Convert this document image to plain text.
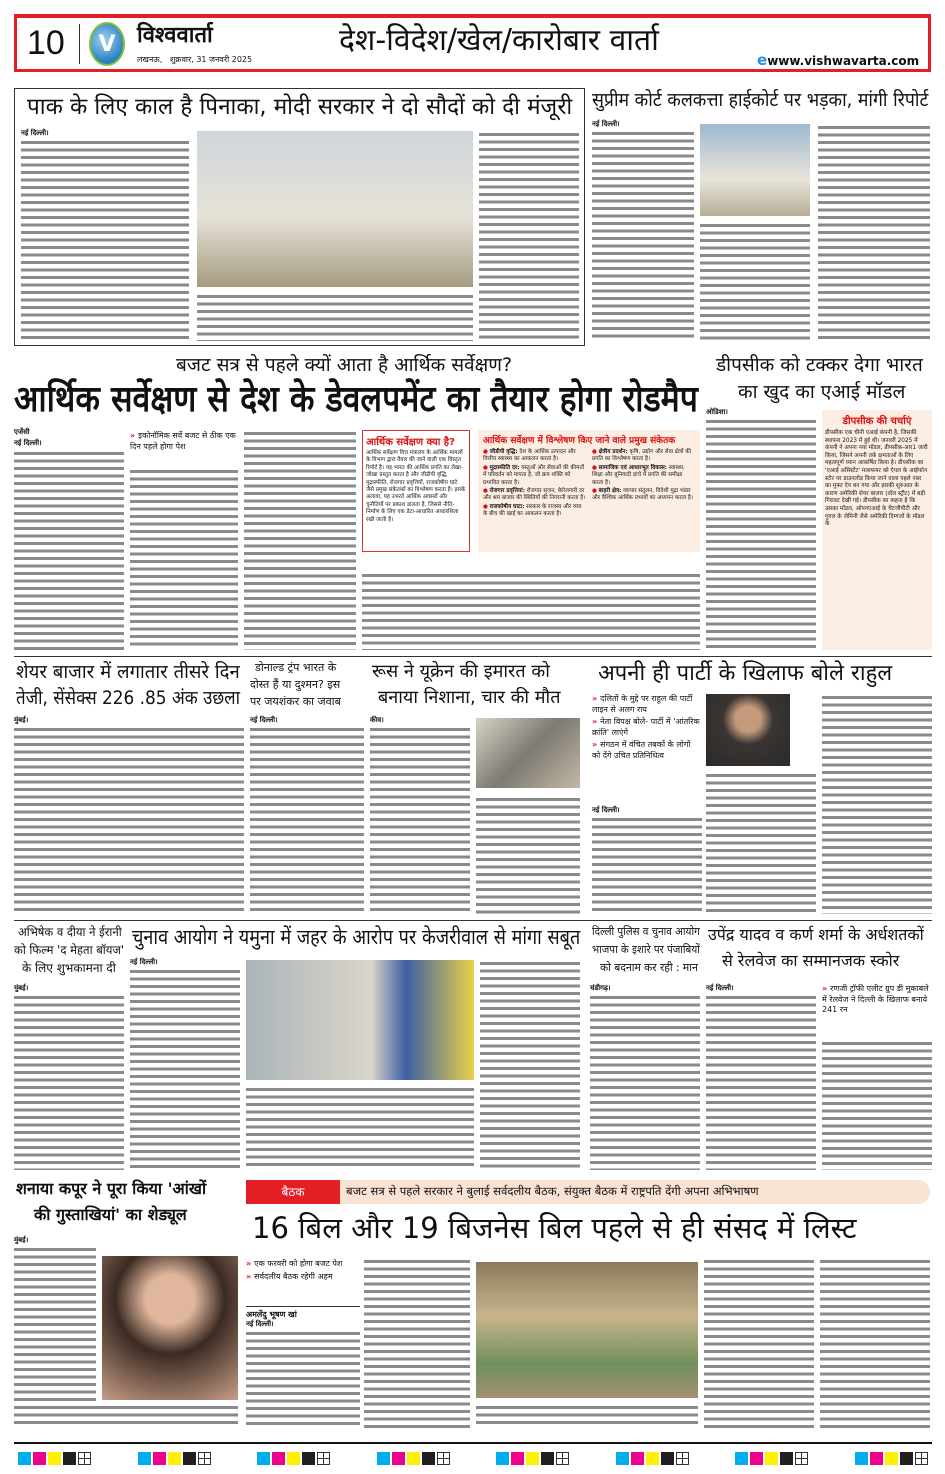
10	V विश्ववार्ता
लखनऊ,   शुक्रवार, 31 जनवरी 2025
देश-विदेश/खेल/कारोबार वार्ता
ewww.vishwavarta.com
पाक के लिए काल है पिनाका, मोदी सरकार ने दो सौदों को दी मंजूरी
नई दिल्ली।
सुप्रीम कोर्ट कलकत्ता हाईकोर्ट पर भड़का, मांगी रिपोर्ट
नई दिल्ली।
बजट सत्र से पहले क्यों आता है आर्थिक सर्वेक्षण?
आर्थिक सर्वेक्षण से देश के डेवलपमेंट का तैयार होगा रोडमैप
एजेंसी
नई दिल्ली।
» इकोनॉमिक सर्वे बजट से ठीक एक दिन पहले होगा पेश	आर्थिक सर्वेक्षण क्या है?
आर्थिक सर्वेक्षण वित्त मंत्रालय के आर्थिक मामलों के विभाग द्वारा तैयार की जाने वाली एक विस्तृत रिपोर्ट है। यह भारत की आर्थिक प्रगति का लेखा-जोखा प्रस्तुत करता है और जीडीपी वृद्धि, मुद्रास्फीति, रोजगार प्रवृत्तियों, राजकोषीय घाटे जैसे प्रमुख संकेतकों का विश्लेषण करता है। इसके अलावा, यह उभरते आर्थिक अवसरों और चुनौतियों पर प्रकाश डालता है, जिससे नीति-निर्माण के लिए एक डेटा-आधारित आधारशिला रखी जाती है।
आर्थिक सर्वेक्षण में विश्लेषण किए जाने वाले प्रमुख संकेतक
● जीडीपी वृद्धि: देश के आर्थिक उत्पादन और वित्तीय स्वास्थ्य का आकलन करता है।
● मुद्रास्फीति दर: वस्तुओं और सेवाओं की कीमतों में परिवर्तन को मापता है, जो क्रय शक्ति को प्रभावित करता है।
● रोजगार प्रवृत्तियां: रोजगार सृजन, बेरोजगारी दर और श्रम बाजार की स्थितियों की निगरानी करता है।
● राजकोषीय घाटा: सरकार के राजस्व और व्यय के बीच की खाई का आकलन करता है।
● क्षेत्रीय प्रदर्शन: कृषि, उद्योग और सेवा क्षेत्रों की प्रगति का विश्लेषण करता है।
● सामाजिक एवं आधारभूत विकास: स्वास्थ्य, शिक्षा और बुनियादी ढांचे में प्रगति की समीक्षा करता है।
● बाहरी क्षेत्र: व्यापार संतुलन, विदेशी मुद्रा भंडार और वैश्विक आर्थिक प्रभावों का अध्ययन करता है।
डीपसीक को टक्कर देगा भारत
का खुद का एआई मॉडल
ओडिशा।
डीपसीक की चर्चाएं
डीपसीक एक चीनी एआई कंपनी है, जिसकी स्थापना 2023 में हुई थी। जनवरी 2025 में कंपनी ने अपना नया मॉडल, डीपसीक-आर1 जारी किया, जिसने अपनी तर्क क्षमताओं के लिए महत्वपूर्ण ध्यान आकर्षित किया है। डीपसीक का 'एआई असिस्टेंट' मासफयर को ऐपल के आईफोन स्टोर पर डाउनलोड किया जाने वाला पहले नंबर का मुफ्त ऐप बन गया और इसकी शुरुआत के कारण अमेरिकी शेयर बाजार (वॉल स्ट्रीट) में बड़ी गिरावट देखी गई। डीपसीक का कहना है कि उसका मॉडल, ओपनएआई के चैटजीपीटी और गूगल के जेमिनी जैसे अमेरिकी दिग्गजों के मॉडल के
शेयर बाजार में लगातार तीसरे दिन
तेजी, सेंसेक्स 226 .85 अंक उछला
मुंबई।
डोनाल्ड ट्रंप भारत के
दोस्त हैं या दुश्मन? इस
पर जयशंकर का जवाब
नई दिल्ली।
रूस ने यूक्रेन की इमारत को
बनाया निशाना, चार की मौत
कीव।
अपनी ही पार्टी के खिलाफ बोले राहुल
» दलितों के मुद्दे पर राहुल की पार्टी लाइन से अलग राय
» नेता विपक्ष बोले- पार्टी में 'आंतरिक क्रांति' लाएंगे
» संगठन में वंचित तबकों के लोगों को देंगे उचित प्रतिनिधित्व
नई दिल्ली।
अभिषेक व दीया ने ईरानी
को फिल्म 'द मेहता बॉयज'
के लिए शुभकामना दी
मुंबई।
चुनाव आयोग ने यमुना में जहर के आरोप पर केजरीवाल से मांगा सबूत
नई दिल्ली।
दिल्ली पुलिस व चुनाव आयोग
भाजपा के इशारे पर पंजाबियों
को बदनाम कर रही : मान
चंडीगढ़।
उपेंद्र यादव व कर्ण शर्मा के अर्धशतकों
से रेलवेज का सम्मानजक स्कोर
नई दिल्ली।	» रणजी ट्रॉफी एलीट ग्रुप डी मुकाबले में रेलवेज ने दिल्ली के खिलाफ बनाये 241 रन
शनाया कपूर ने पूरा किया 'आंखों
की गुस्ताखियां' का शेड्यूल
मुंबई।
बैठक	बजट सत्र से पहले सरकार ने बुलाई सर्वदलीय बैठक, संयुक्त बैठक में राष्ट्रपति देंगी अपना अभिभाषण
16 बिल और 19 बिजनेस बिल पहले से ही संसद में लिस्ट
» एक फरवरी को होगा बजट पेश
» सर्वदलीय बैठक रहेगी अहम
अमलेंदु भूषण खां
नई दिल्ली।
